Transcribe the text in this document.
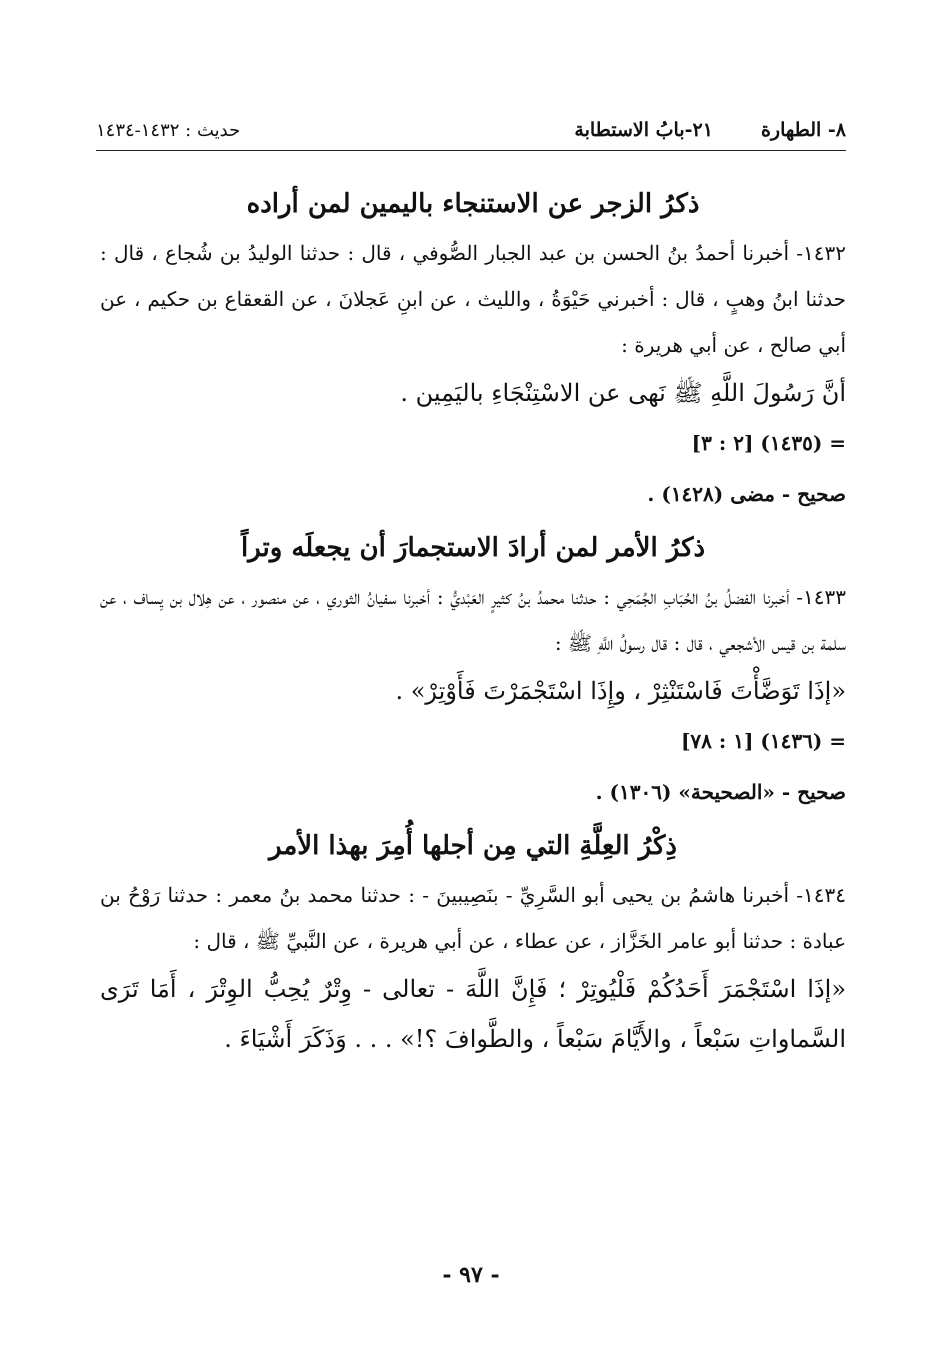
٨- الطهارة
٢١-بابُ الاستطابة
حديث : ١٤٣٢-١٤٣٤
ذكرُ الزجر عن الاستنجاء باليمين لمن أراده

١٤٣٢- أخبرنا أحمدُ بنُ الحسن بن عبد الجبار الصُّوفي ، قال : حدثنا الوليدُ بن شُجاع ، قال : حدثنا ابنُ وهبٍ ، قال : أخبرني حَيْوَةُ ، والليث ، عن ابنِ عَجلانَ ، عن القعقاع بن حكيم ، عن أبي صالح ، عن أبي هريرة :

أنَّ رَسُولَ اللَّهِ ﷺ نَهى عن الاسْتِنْجَاءِ باليَمِين .

= (١٤٣٥) [٢ : ٣]

صحيح - مضى (١٤٢٨) .

ذكرُ الأمر لمن أرادَ الاستجمارَ أن يجعلَه وتراً

١٤٣٣- أخبرنا الفضلُ بنُ الحُبَابِ الجُمَحِي : حدثنا محمدُ بنُ كثيرٍ العَبْديُّ : أخبرنا سفيانُ الثوري ، عن منصور ، عن هِلال بن يِساف ، عن سلمة بن قيس الأشجعي ، قال : قال رسولُ اللَّهِ ﷺ :

«إذَا تَوَضَّأْتَ فَاسْتَنْثِرْ ، وإِذَا اسْتَجْمَرْتَ فَأَوْتِرْ» .

= (١٤٣٦) [١ : ٧٨]

صحيح - «الصحيحة» (١٣٠٦) .

ذِكْرُ العِلَّةِ التي مِن أجلها أُمِرَ بهذا الأمر

١٤٣٤- أخبرنا هاشمُ بن يحيى أبو السَّرِيِّ - بنَصِيبينَ - : حدثنا محمد بنُ معمر : حدثنا رَوْحُ بن عبادة : حدثنا أبو عامر الخَزَّاز ، عن عطاء ، عن أبي هريرة ، عن النَّبيِّ ﷺ ، قال :

«إذَا اسْتَجْمَرَ أَحَدُكُمْ فَلْيُوتِرْ ؛ فَإِنَّ اللَّهَ - تعالى - وِتْرٌ يُحِبُّ الوِتْرَ ، أَمَا تَرَى السَّماواتِ سَبْعاً ، والأَيَّامَ سَبْعاً ، والطَّوافَ ؟!» . . . وَذَكَرَ أَشْيَاءَ .

- ٩٧ -
